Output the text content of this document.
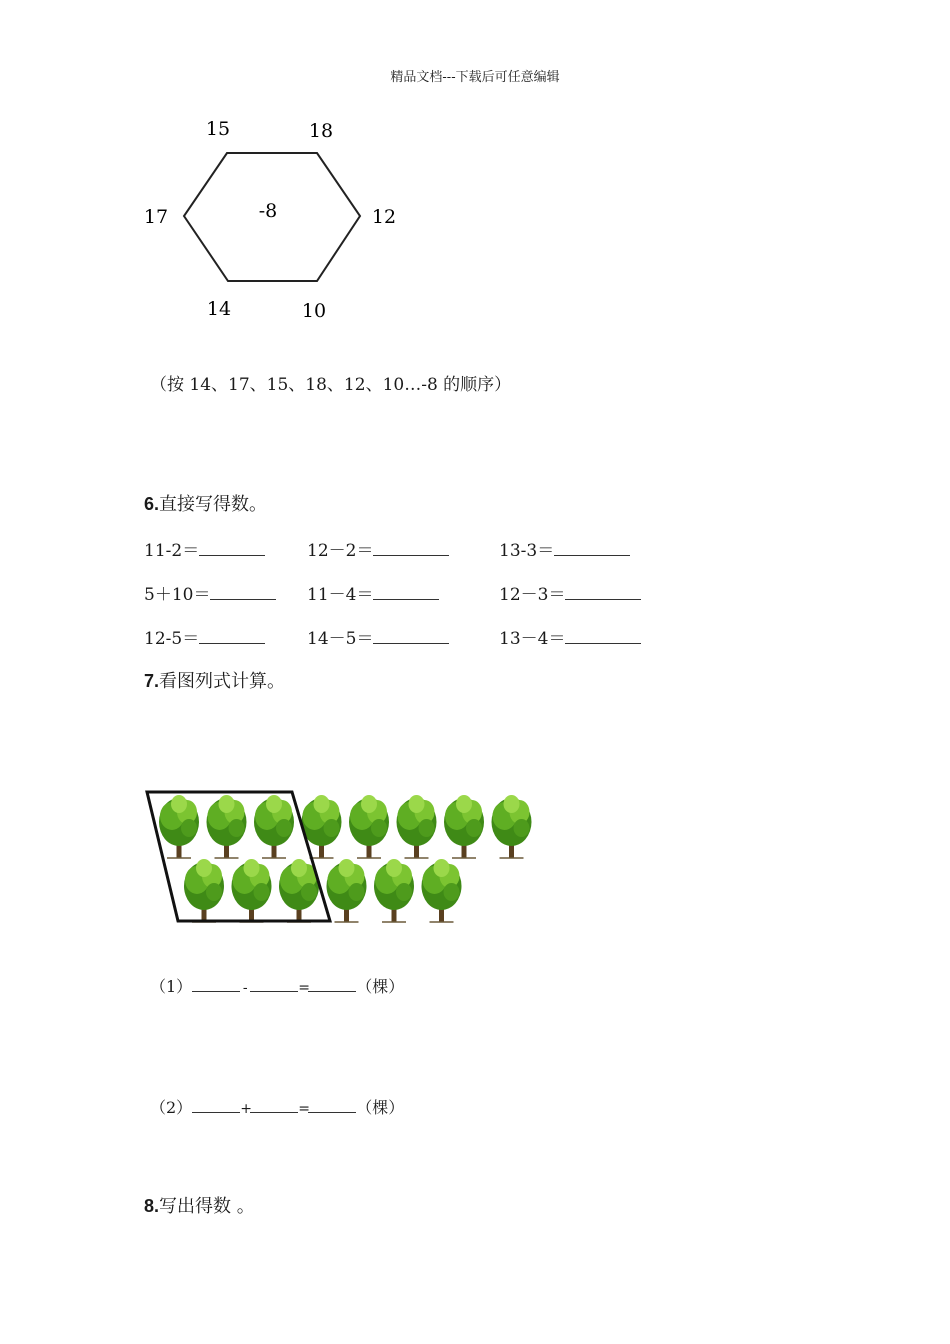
精品文档---下载后可任意编辑
15	18
17	12
14	10
-8
（按 14、17、15、18、12、10…-8 的顺序）
6.直接写得数。
11-2＝	12－2＝	13-3＝
5＋10＝	11－4＝	12－3＝
12-5＝	14－5＝	13－4＝
7.看图列式计算。
（1）	-	=	（棵）
（2）	+	=	（棵）
8.写出得数 。
